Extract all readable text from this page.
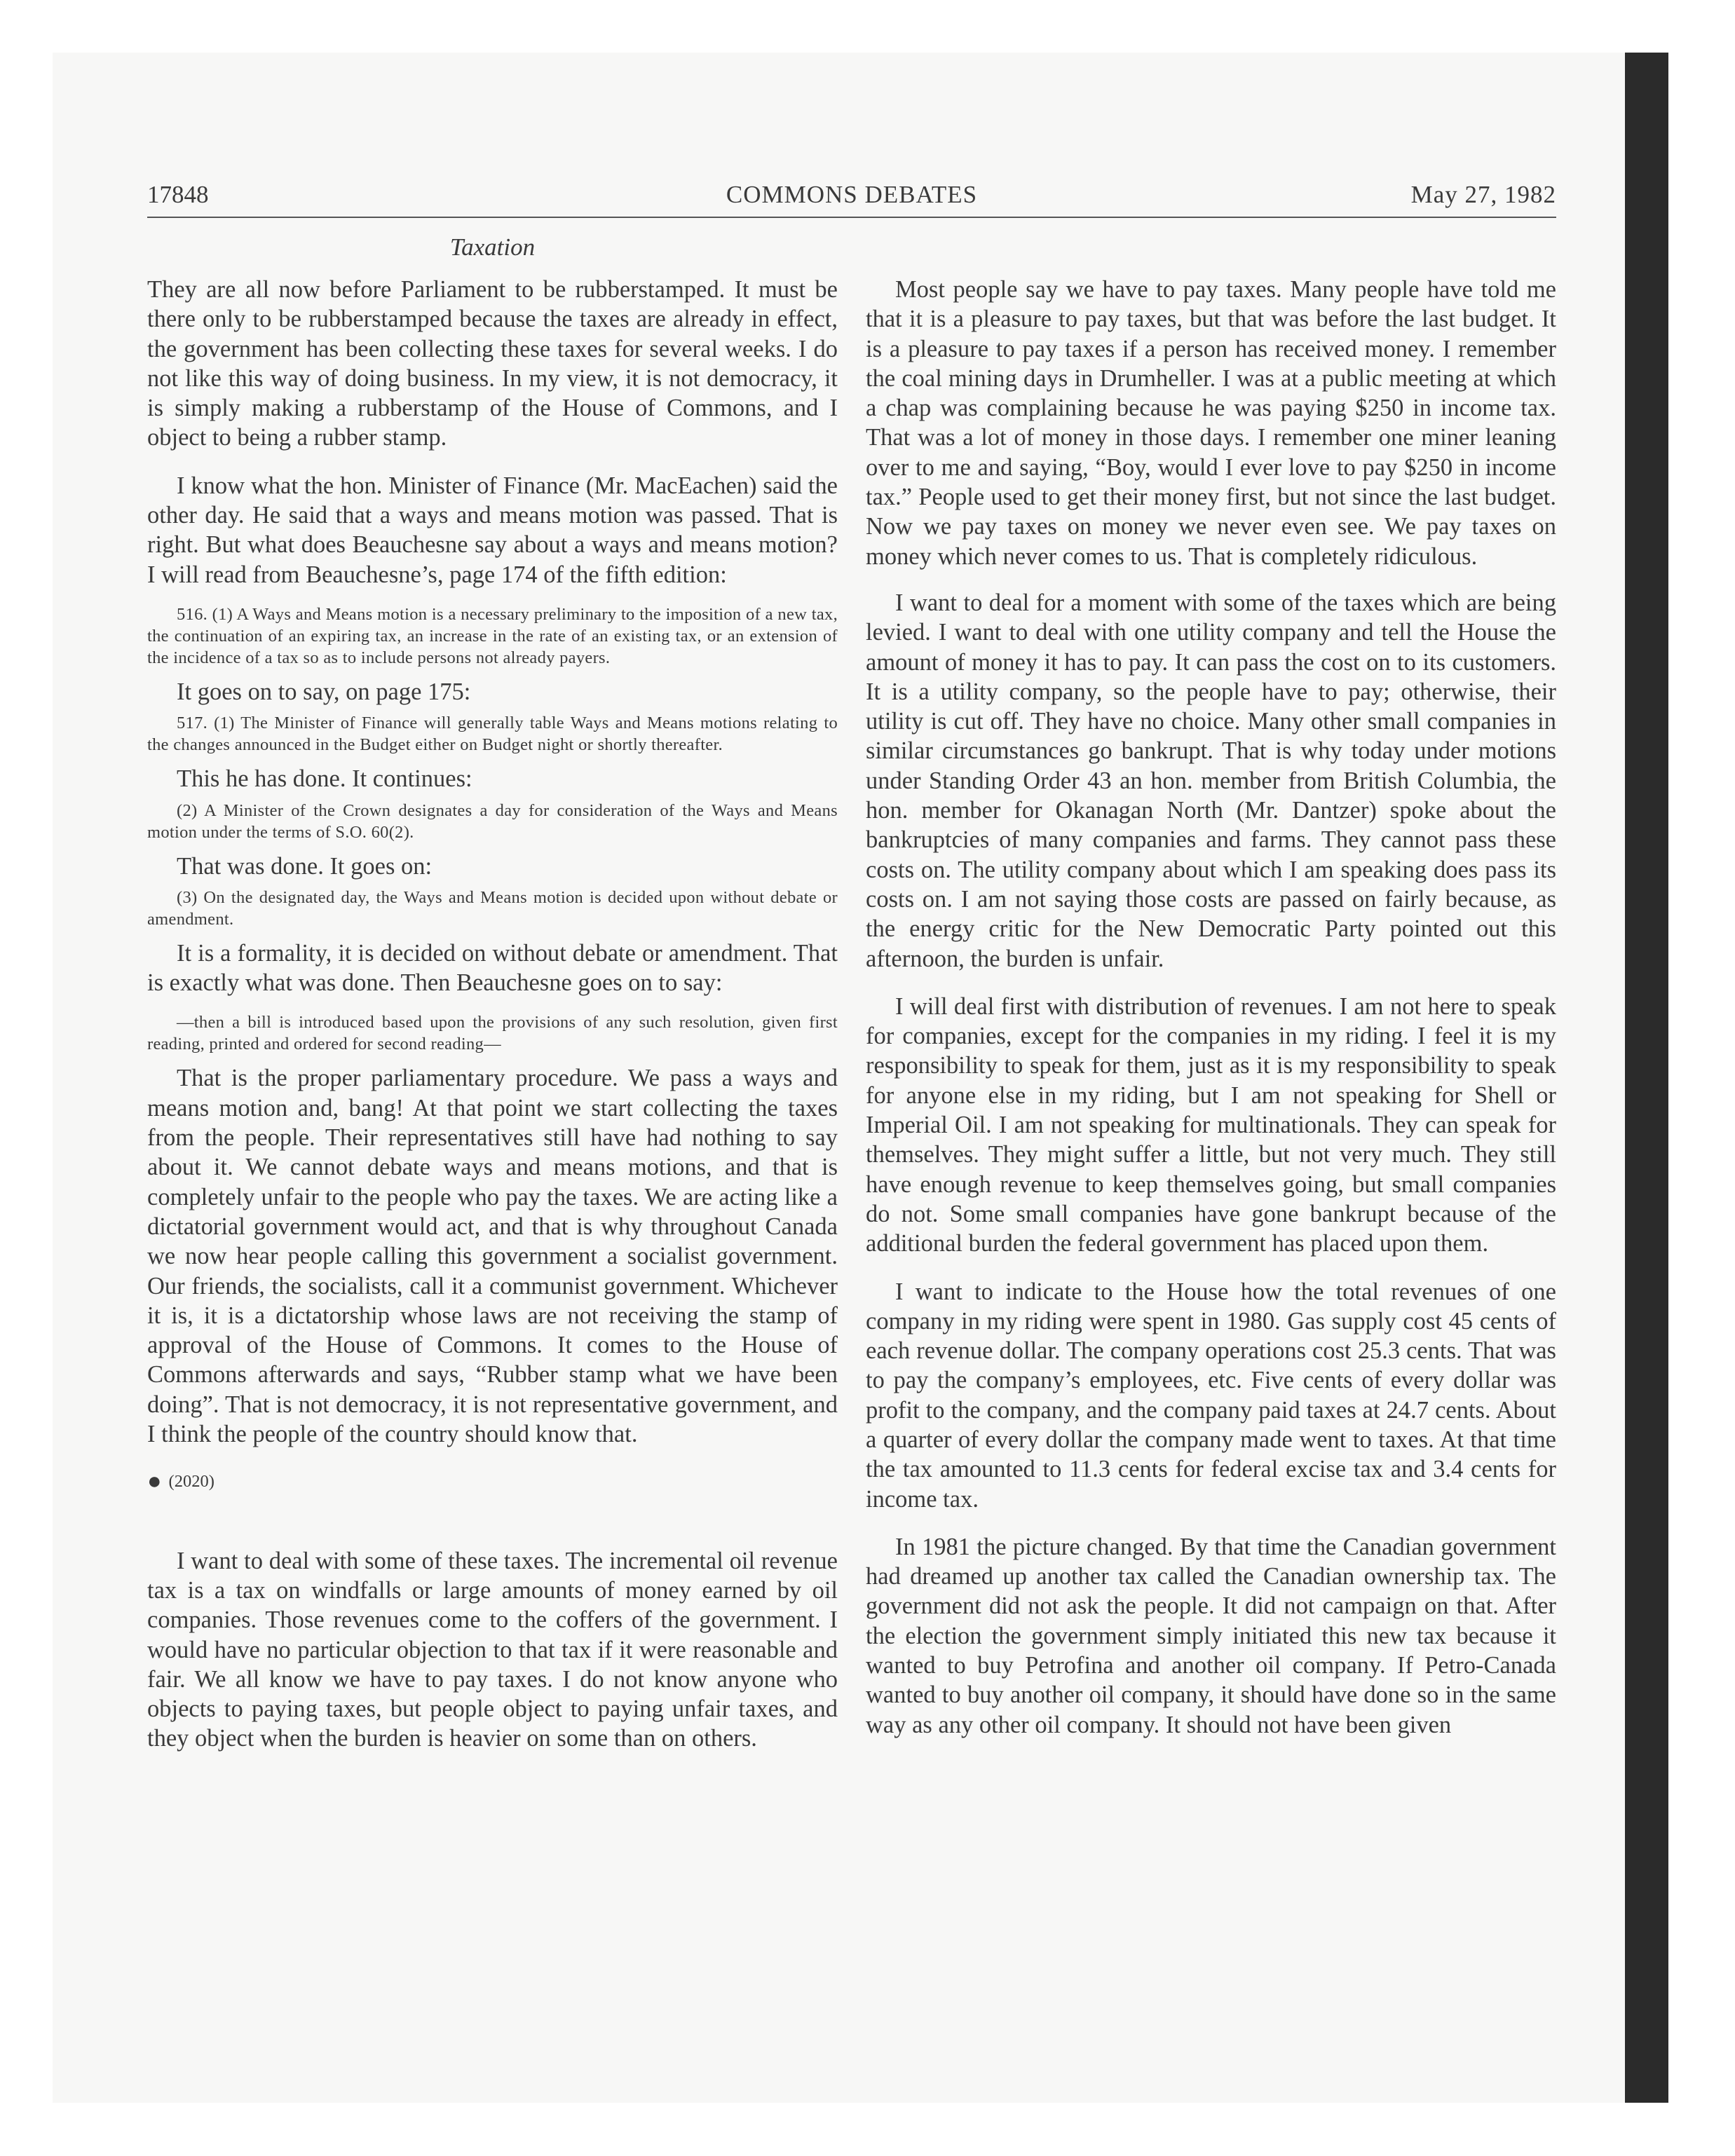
17848	COMMONS DEBATES	May 27, 1982
Taxation

They are all now before Parliament to be rubberstamped. It must be there only to be rubberstamped because the taxes are already in effect, the government has been collecting these taxes for several weeks. I do not like this way of doing business. In my view, it is not democracy, it is simply making a rubberstamp of the House of Commons, and I object to being a rubber stamp.

I know what the hon. Minister of Finance (Mr. MacEachen) said the other day. He said that a ways and means motion was passed. That is right. But what does Beauchesne say about a ways and means motion? I will read from Beauchesne’s, page 174 of the fifth edition:

516. (1) A Ways and Means motion is a necessary preliminary to the imposition of a new tax, the continuation of an expiring tax, an increase in the rate of an existing tax, or an extension of the incidence of a tax so as to include persons not already payers.

It goes on to say, on page 175:

517. (1) The Minister of Finance will generally table Ways and Means motions relating to the changes announced in the Budget either on Budget night or shortly thereafter.

This he has done. It continues:

(2) A Minister of the Crown designates a day for consideration of the Ways and Means motion under the terms of S.O. 60(2).

That was done. It goes on:

(3) On the designated day, the Ways and Means motion is decided upon without debate or amendment.

It is a formality, it is decided on without debate or amendment. That is exactly what was done. Then Beauchesne goes on to say:

—then a bill is introduced based upon the provisions of any such resolution, given first reading, printed and ordered for second reading—

That is the proper parliamentary procedure. We pass a ways and means motion and, bang! At that point we start collecting the taxes from the people. Their representatives still have had nothing to say about it. We cannot debate ways and means motions, and that is completely unfair to the people who pay the taxes. We are acting like a dictatorial government would act, and that is why throughout Canada we now hear people calling this government a socialist government. Our friends, the socialists, call it a communist government. Whichever it is, it is a dictatorship whose laws are not receiving the stamp of approval of the House of Commons. It comes to the House of Commons afterwards and says, “Rubber stamp what we have been doing”. That is not democracy, it is not representative government, and I think the people of the country should know that.

● (2020)

I want to deal with some of these taxes. The incremental oil revenue tax is a tax on windfalls or large amounts of money earned by oil companies. Those revenues come to the coffers of the government. I would have no particular objection to that tax if it were reasonable and fair. We all know we have to pay taxes. I do not know anyone who objects to paying taxes, but people object to paying unfair taxes, and they object when the burden is heavier on some than on others.

Most people say we have to pay taxes. Many people have told me that it is a pleasure to pay taxes, but that was before the last budget. It is a pleasure to pay taxes if a person has received money. I remember the coal mining days in Drumheller. I was at a public meeting at which a chap was complaining because he was paying $250 in income tax. That was a lot of money in those days. I remember one miner leaning over to me and saying, “Boy, would I ever love to pay $250 in income tax.” People used to get their money first, but not since the last budget. Now we pay taxes on money we never even see. We pay taxes on money which never comes to us. That is completely ridiculous.

I want to deal for a moment with some of the taxes which are being levied. I want to deal with one utility company and tell the House the amount of money it has to pay. It can pass the cost on to its customers. It is a utility company, so the people have to pay; otherwise, their utility is cut off. They have no choice. Many other small companies in similar circumstances go bankrupt. That is why today under motions under Standing Order 43 an hon. member from British Columbia, the hon. member for Okanagan North (Mr. Dantzer) spoke about the bankruptcies of many companies and farms. They cannot pass these costs on. The utility company about which I am speaking does pass its costs on. I am not saying those costs are passed on fairly because, as the energy critic for the New Democratic Party pointed out this afternoon, the burden is unfair.

I will deal first with distribution of revenues. I am not here to speak for companies, except for the companies in my riding. I feel it is my responsibility to speak for them, just as it is my responsibility to speak for anyone else in my riding, but I am not speaking for Shell or Imperial Oil. I am not speaking for multinationals. They can speak for themselves. They might suffer a little, but not very much. They still have enough revenue to keep themselves going, but small companies do not. Some small companies have gone bankrupt because of the additional burden the federal government has placed upon them.

I want to indicate to the House how the total revenues of one company in my riding were spent in 1980. Gas supply cost 45 cents of each revenue dollar. The company operations cost 25.3 cents. That was to pay the company’s employees, etc. Five cents of every dollar was profit to the company, and the company paid taxes at 24.7 cents. About a quarter of every dollar the company made went to taxes. At that time the tax amounted to 11.3 cents for federal excise tax and 3.4 cents for income tax.

In 1981 the picture changed. By that time the Canadian government had dreamed up another tax called the Canadian ownership tax. The government did not ask the people. It did not campaign on that. After the election the government simply initiated this new tax because it wanted to buy Petrofina and another oil company. If Petro-Canada wanted to buy another oil company, it should have done so in the same way as any other oil company. It should not have been given
